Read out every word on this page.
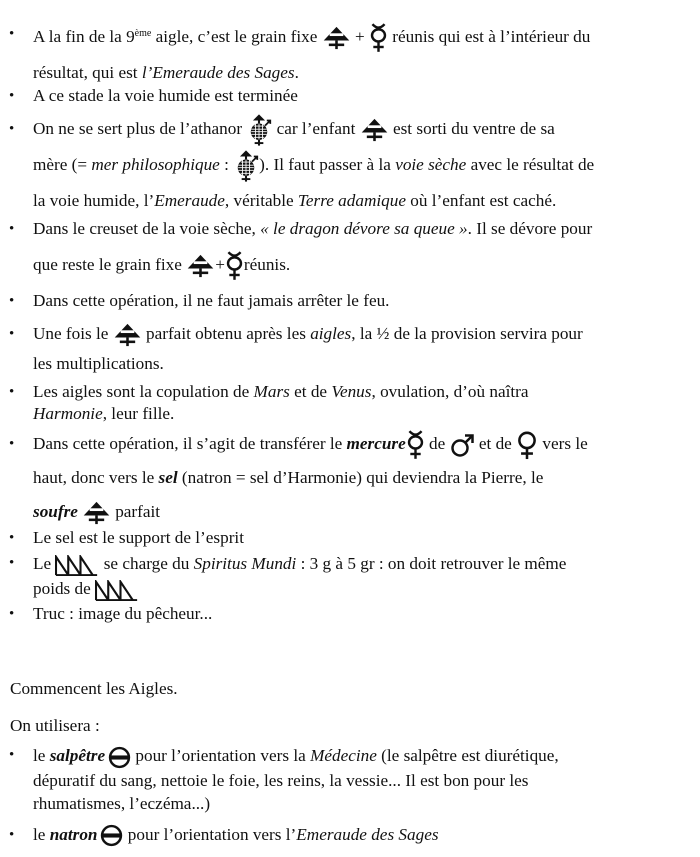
• A la fin de la 9ème aigle, c’est le grain fixe
+
réunis qui est à l’intérieur du
résultat, qui est l’Emeraude des Sages.
• A ce stade la voie humide est terminée
• On ne se sert plus de l’athanor
car l’enfant
est sorti du ventre de sa
mère (= mer philosophique :
). Il faut passer à la voie sèche avec le résultat de
la voie humide, l’Emeraude, véritable Terre adamique où l’enfant est caché.
• Dans le creuset de la voie sèche, « le dragon dévore sa queue ». Il se dévore pour
que reste le grain fixe
+ réunis.
• Dans cette opération, il ne faut jamais arrêter le feu.
• Une fois le
parfait obtenu après les aigles, la ½ de la provision servira pour
les multiplications.
• Les aigles sont la copulation de Mars et de Venus, ovulation, d’où naîtra
Harmonie, leur fille.
• Dans cette opération, il s’agit de transférer le mercure
de
et de
vers le
haut, donc vers le sel (natron = sel d’Harmonie) qui deviendra la Pierre, le
soufre
parfait
• Le sel est le support de l’esprit
• Le	se charge du Spiritus Mundi : 3 g à 5 gr : on doit retrouver le même
poids de
• Truc : image du pêcheur...
Commencent les Aigles.
On utilisera :
• le salpêtre
pour l’orientation vers la Médecine (le salpêtre est diurétique,
dépuratif du sang, nettoie le foie, les reins, la vessie... Il est bon pour les
rhumatismes, l’eczéma...)
• le natron
pour l’orientation vers l’Emeraude des Sages
